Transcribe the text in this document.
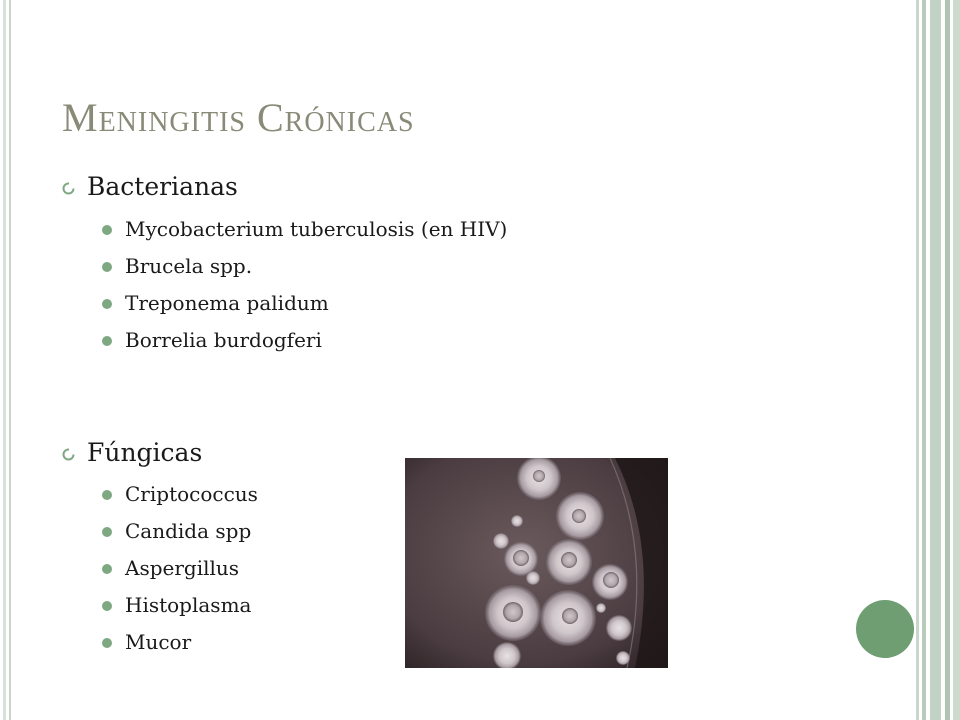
Meningitis Crónicas
Bacterianas
Mycobacterium tuberculosis (en HIV)
Brucela spp.
Treponema palidum
Borrelia burdogferi
Fúngicas
Criptococcus
Candida spp
Aspergillus
Histoplasma
Mucor
